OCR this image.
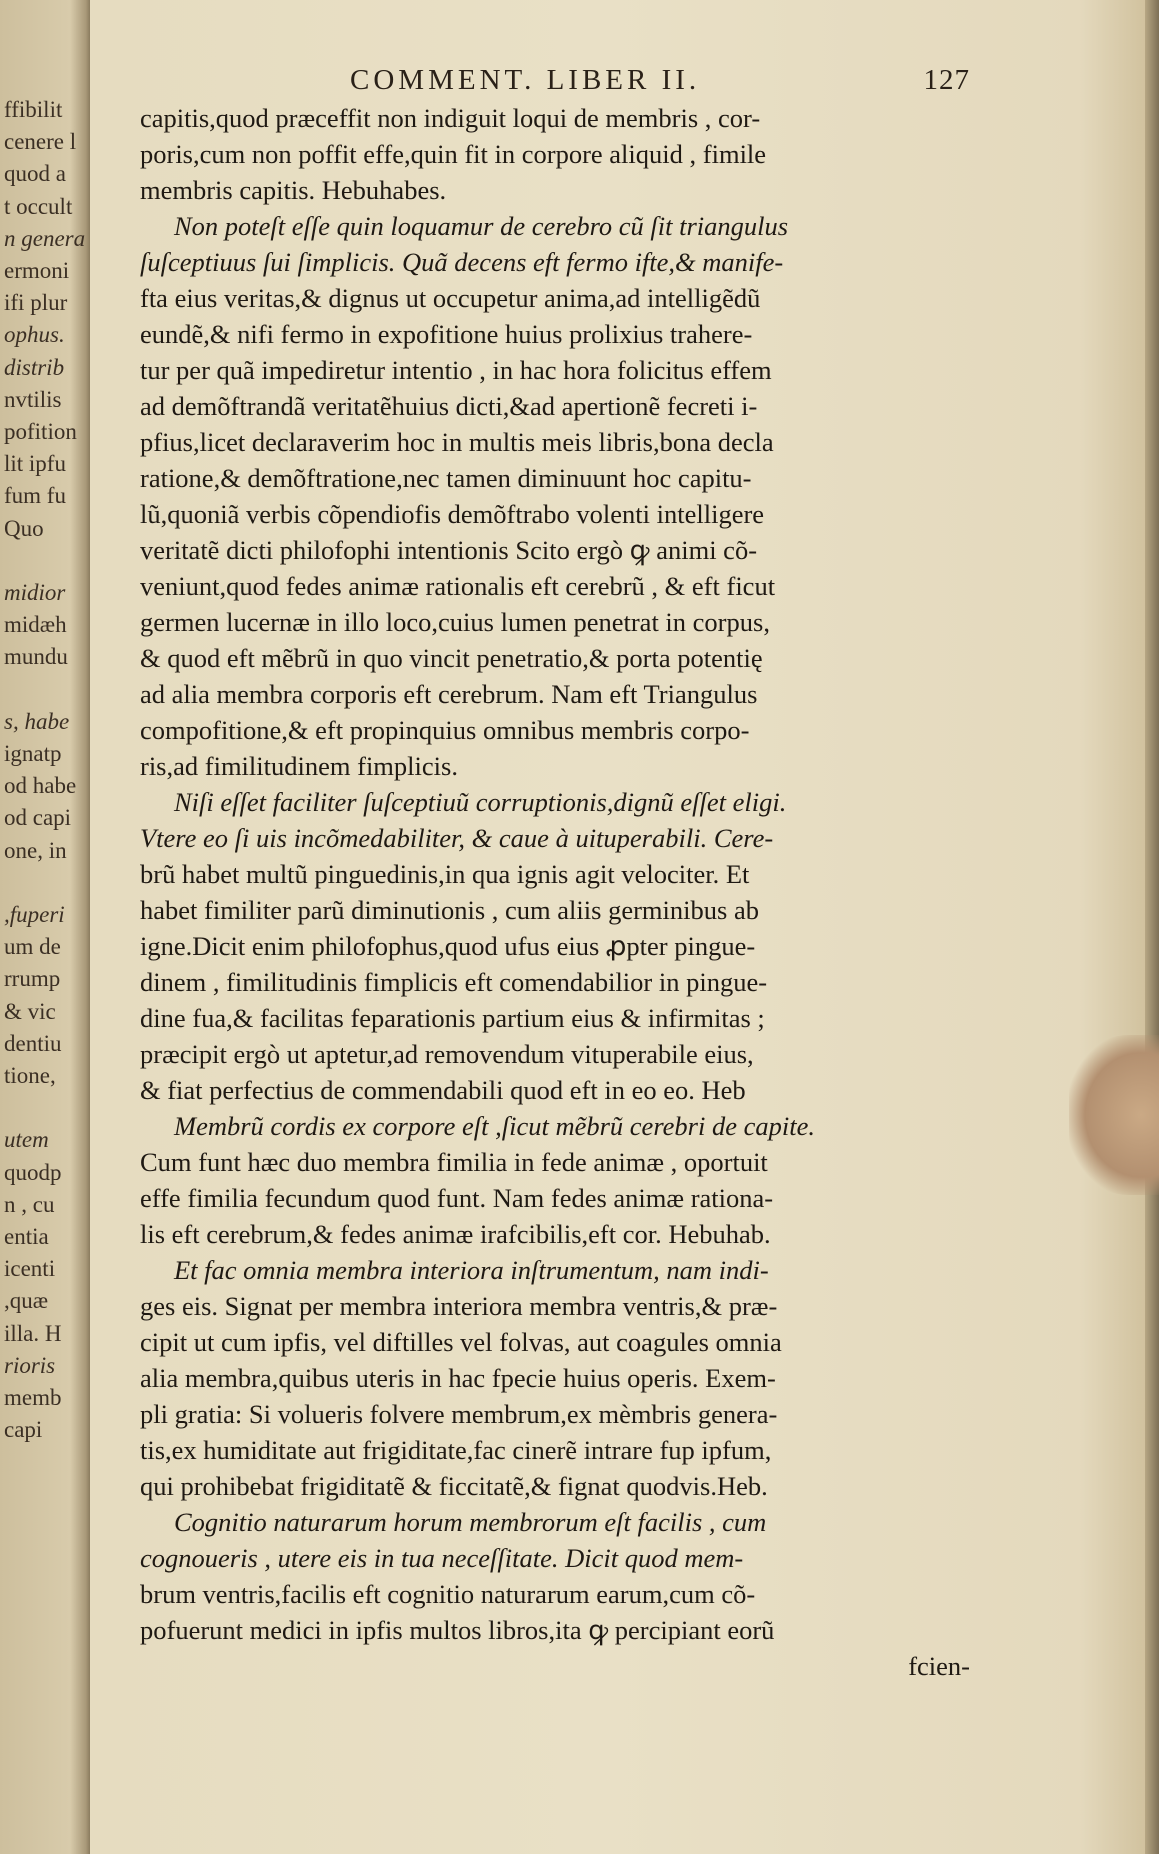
ffibilit
cenere l
quod a
t occult
n genera
ermoni
ifi plur
ophus.
distrib
nvtilis
pofition
lit ipfu
fum fu
Quo
midior
midæh
mundu
s, habe
ignatp
od habe
od capi
one, in
,fuperi
um de
rrump
& vic
dentiu
tione,
utem
quodp
n , cu
entia
icenti
,quæ
illa. H
rioris
memb
capi
COMMENT. LIBER II.	127
capitis,quod præceffit non indiguit loqui de membris , cor-
poris,cum non poffit effe,quin fit in corpore aliquid , fimile
membris capitis. Hebuhabes.
Non poteſt eſſe quin loquamur de cerebro cũ ſit triangulus
ſuſceptiuus ſui ſimplicis. Quã decens eft fermo ifte,& manife-
fta eius veritas,& dignus ut occupetur anima,ad intelligẽdũ
eundẽ,& nifi fermo in expofitione huius prolixius trahere-
tur per quã impediretur intentio , in hac hora folicitus effem
ad demõftrandã veritatẽhuius dicti,&ad apertionẽ fecreti i-
pfius,licet declaraverim hoc in multis meis libris,bona decla
ratione,& demõftratione,nec tamen diminuunt hoc capitu-
lũ,quoniã verbis cõpendiofis demõftrabo volenti intelligere
veritatẽ dicti philofophi intentionis Scito ergò ꝙ animi cõ-
veniunt,quod fedes animæ rationalis eft cerebrũ , & eft ficut
germen lucernæ in illo loco,cuius lumen penetrat in corpus,
& quod eft mẽbrũ in quo vincit penetratio,& porta potentię
ad alia membra corporis eft cerebrum. Nam eft Triangulus
compofitione,& eft propinquius omnibus membris corpo-
ris,ad fimilitudinem fimplicis.
Niſi eſſet faciliter ſuſceptiuũ corruptionis,dignũ eſſet eligi.
Vtere eo ſi uis incõmedabiliter, & caue à uituperabili. Cere-
brũ habet multũ pinguedinis,in qua ignis agit velociter. Et
habet fimiliter parũ diminutionis , cum aliis germinibus ab
igne.Dicit enim philofophus,quod ufus eius ꝓpter pingue-
dinem , fimilitudinis fimplicis eft comendabilior in pingue-
dine fua,& facilitas feparationis partium eius & infirmitas ;
præcipit ergò ut aptetur,ad removendum vituperabile eius,
& fiat perfectius de commendabili quod eft in eo eo. Heb
Membrũ cordis ex corpore eſt ,ſicut mẽbrũ cerebri de capite.
Cum funt hæc duo membra fimilia in fede animæ , oportuit
effe fimilia fecundum quod funt. Nam fedes animæ rationa-
lis eft cerebrum,& fedes animæ irafcibilis,eft cor. Hebuhab.
Et fac omnia membra interiora inſtrumentum, nam indi-
ges eis. Signat per membra interiora membra ventris,& præ-
cipit ut cum ipfis, vel diftilles vel folvas, aut coagules omnia
alia membra,quibus uteris in hac fpecie huius operis. Exem-
pli gratia: Si volueris folvere membrum,ex mèmbris genera-
tis,ex humiditate aut frigiditate,fac cinerẽ intrare fup ipfum,
qui prohibebat frigiditatẽ & ficcitatẽ,& fignat quodvis.Heb.
Cognitio naturarum horum membrorum eſt facilis , cum
cognoueris , utere eis in tua neceſſitate. Dicit quod mem-
brum ventris,facilis eft cognitio naturarum earum,cum cõ-
pofuerunt medici in ipfis multos libros,ita ꝙ percipiant eorũ
fcien-
